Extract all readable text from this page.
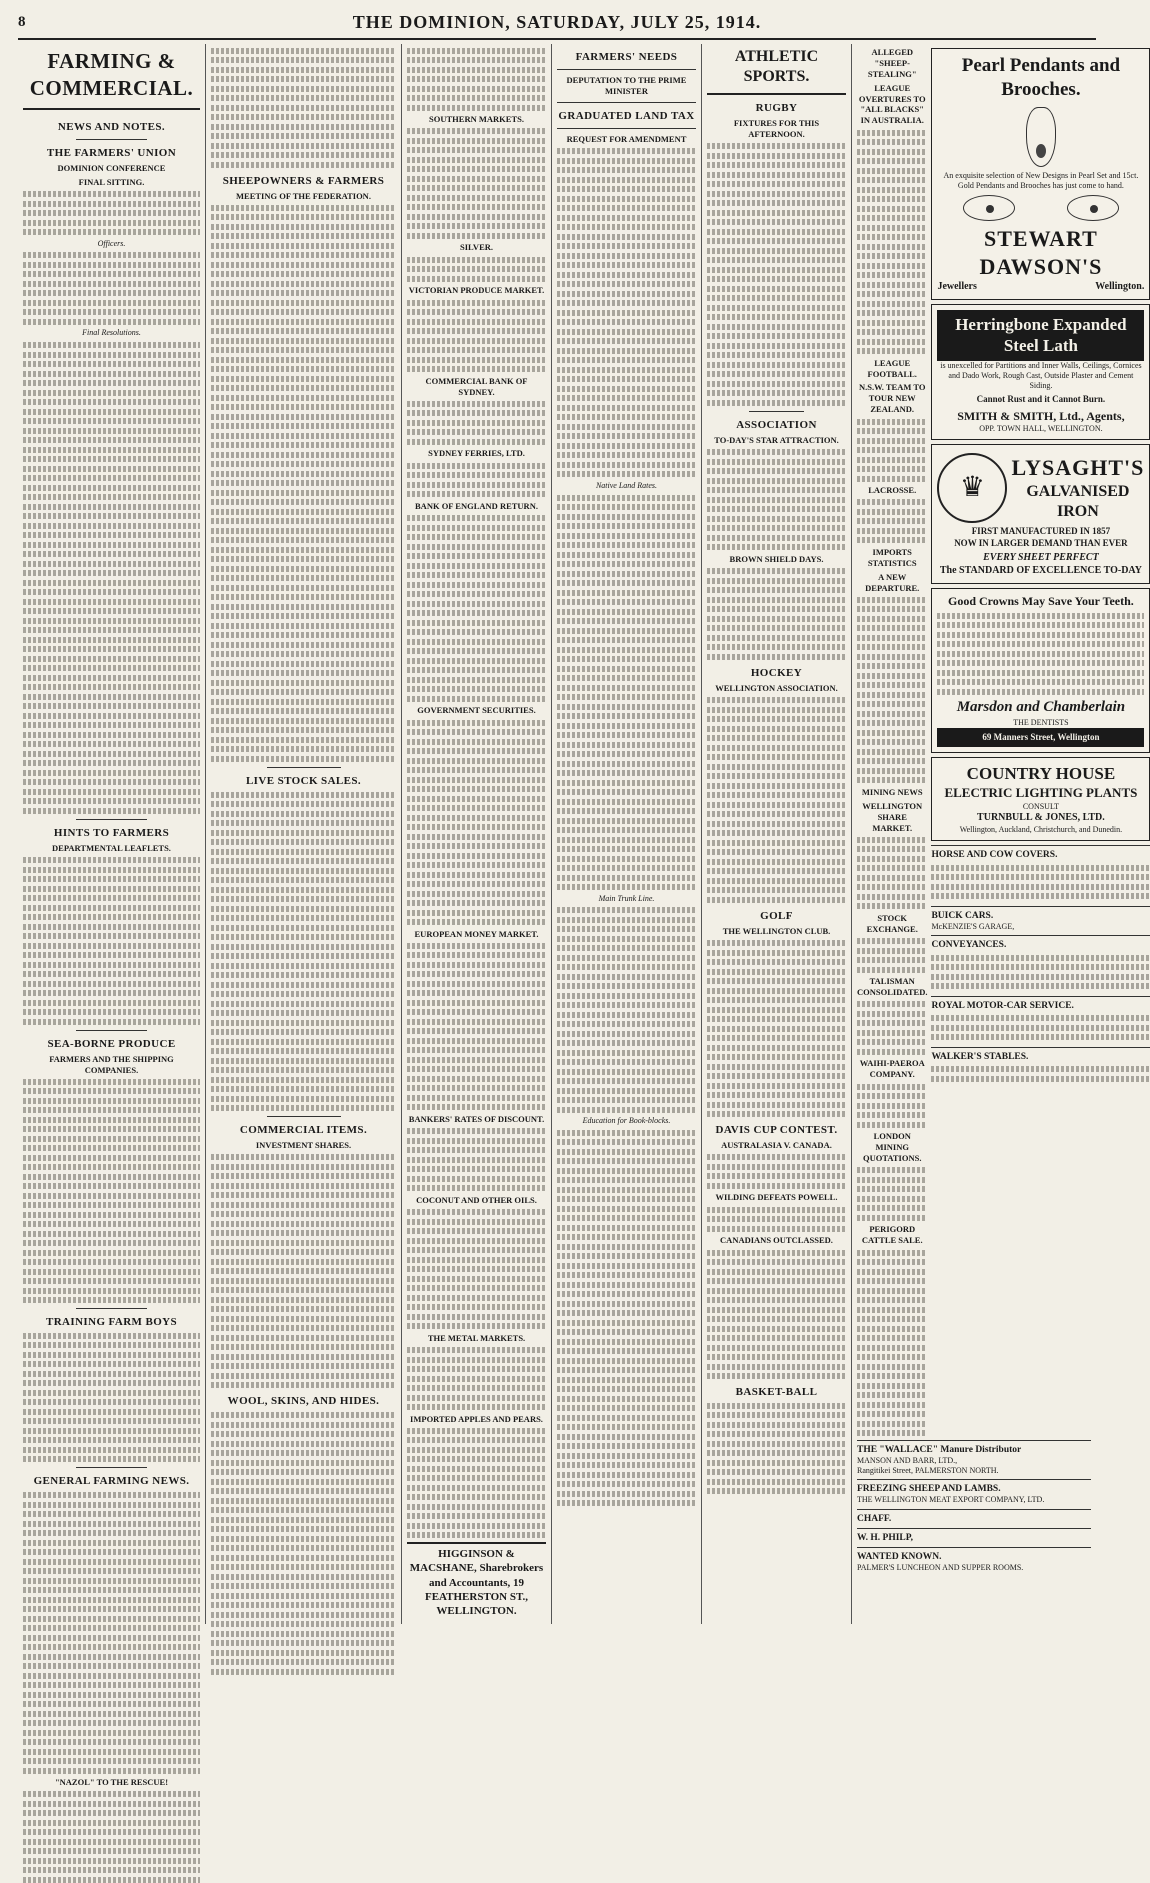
8	THE DOMINION, SATURDAY, JULY 25, 1914.
FARMING & COMMERCIAL.
NEWS AND NOTES.
THE FARMERS' UNION
DOMINION CONFERENCE
FINAL SITTING.
Officers.
Final Resolutions.
HINTS TO FARMERS
DEPARTMENTAL LEAFLETS.
SEA-BORNE PRODUCE
FARMERS AND THE SHIPPING COMPANIES.
TRAINING FARM BOYS
GENERAL FARMING NEWS.
"NAZOL" TO THE RESCUE!
SHEEPOWNERS & FARMERS
MEETING OF THE FEDERATION.
LIVE STOCK SALES.
COMMERCIAL ITEMS.
INVESTMENT SHARES.
WOOL, SKINS, AND HIDES.
SOUTHERN MARKETS.
SILVER.
VICTORIAN PRODUCE MARKET.
COMMERCIAL BANK OF SYDNEY.
SYDNEY FERRIES, LTD.
BANK OF ENGLAND RETURN.
GOVERNMENT SECURITIES.
EUROPEAN MONEY MARKET.
BANKERS' RATES OF DISCOUNT.
COCONUT AND OTHER OILS.
THE METAL MARKETS.
IMPORTED APPLES AND PEARS.
HIGGINSON & MACSHANE, Sharebrokers and Accountants, 19 FEATHERSTON ST., WELLINGTON.
FARMERS' NEEDS
DEPUTATION TO THE PRIME MINISTER
GRADUATED LAND TAX
REQUEST FOR AMENDMENT
Native Land Rates.
Main Trunk Line.
Education for Book-blocks.
ATHLETIC SPORTS.
RUGBY
FIXTURES FOR THIS AFTERNOON.
ASSOCIATION
TO-DAY'S STAR ATTRACTION.
BROWN SHIELD DAYS.
HOCKEY
WELLINGTON ASSOCIATION.
GOLF
THE WELLINGTON CLUB.
DAVIS CUP CONTEST.
AUSTRALASIA V. CANADA.
WILDING DEFEATS POWELL.
CANADIANS OUTCLASSED.
BASKET-BALL
ALLEGED "SHEEP-STEALING"
LEAGUE OVERTURES TO "ALL BLACKS" IN AUSTRALIA.
LEAGUE FOOTBALL.
N.S.W. TEAM TO TOUR NEW ZEALAND.
LACROSSE.
IMPORTS STATISTICS
A NEW DEPARTURE.
MINING NEWS
WELLINGTON SHARE MARKET.
STOCK EXCHANGE.
TALISMAN CONSOLIDATED.
WAIHI-PAEROA COMPANY.
LONDON MINING QUOTATIONS.
PERIGORD CATTLE SALE.
Pearl Pendants and Brooches.
An exquisite selection of New Designs in Pearl Set and 15ct. Gold Pendants and Brooches has just come to hand.
STEWART DAWSON'S
Jewellers	Wellington.
Herringbone Expanded Steel Lath
is unexcelled for Partitions and Inner Walls, Ceilings, Cornices and Dado Work, Rough Cast, Outside Plaster and Cement Siding.
Cannot Rust and it Cannot Burn.
SMITH & SMITH, Ltd., Agents,
OPP. TOWN HALL, WELLINGTON.
♛
LYSAGHT'S
GALVANISED
IRON
FIRST MANUFACTURED IN 1857
NOW IN LARGER DEMAND THAN EVER
EVERY SHEET PERFECT
The STANDARD OF EXCELLENCE TO-DAY
Good Crowns May Save Your Teeth.
Marsdon and Chamberlain
THE DENTISTS
69 Manners Street, Wellington
COUNTRY HOUSE
ELECTRIC LIGHTING PLANTS
CONSULT
TURNBULL & JONES, LTD.
Wellington, Auckland, Christchurch, and Dunedin.
HORSE AND COW COVERS.
BUICK CARS.
McKENZIE'S GARAGE,
CONVEYANCES.
ROYAL MOTOR-CAR SERVICE.
WALKER'S STABLES.
THE "WALLACE" Manure Distributor
MANSON AND BARR, LTD.,
Rangitikei Street, PALMERSTON NORTH.
FREEZING SHEEP AND LAMBS.
THE WELLINGTON MEAT EXPORT COMPANY, LTD.
CHAFF.
W. H. PHILP,
WANTED KNOWN.
PALMER'S LUNCHEON AND SUPPER ROOMS.
